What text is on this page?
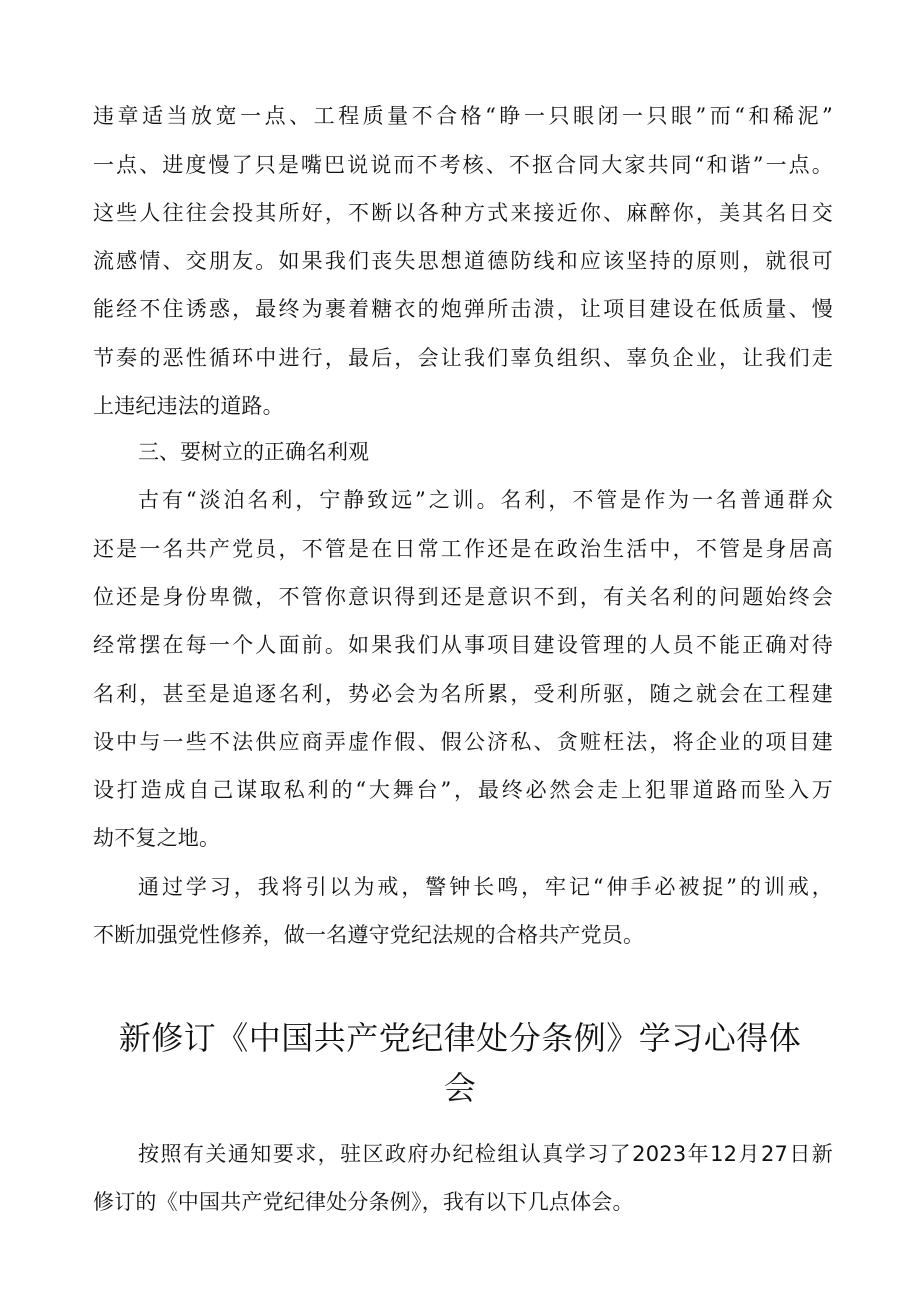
违章适当放宽一点、工程质量不合格“睁一只眼闭一只眼”而“和稀泥”

一点、进度慢了只是嘴巴说说而不考核、不抠合同大家共同“和谐”一点。

这些人往往会投其所好，不断以各种方式来接近你、麻醉你，美其名日交

流感情、交朋友。如果我们丧失思想道德防线和应该坚持的原则，就很可

能经不住诱惑，最终为裹着糖衣的炮弹所击溃，让项目建设在低质量、慢

节奏的恶性循环中进行，最后，会让我们辜负组织、辜负企业，让我们走

上违纪违法的道路。

三、要树立的正确名利观

古有“淡泊名利，宁静致远”之训。名利，不管是作为一名普通群众

还是一名共产党员，不管是在日常工作还是在政治生活中，不管是身居高

位还是身份卑微，不管你意识得到还是意识不到，有关名利的问题始终会

经常摆在每一个人面前。如果我们从事项目建设管理的人员不能正确对待

名利，甚至是追逐名利，势必会为名所累，受利所驱，随之就会在工程建

设中与一些不法供应商弄虚作假、假公济私、贪赃枉法，将企业的项目建

设打造成自己谋取私利的“大舞台”，最终必然会走上犯罪道路而坠入万

劫不复之地。

通过学习，我将引以为戒，警钟长鸣，牢记“伸手必被捉”的训戒，

不断加强党性修养，做一名遵守党纪法规的合格共产党员。

新修订《中国共产党纪律处分条例》学习心得体
会

按照有关通知要求，驻区政府办纪检组认真学习了2023年12月27日新

修订的《中国共产党纪律处分条例》，我有以下几点体会。
